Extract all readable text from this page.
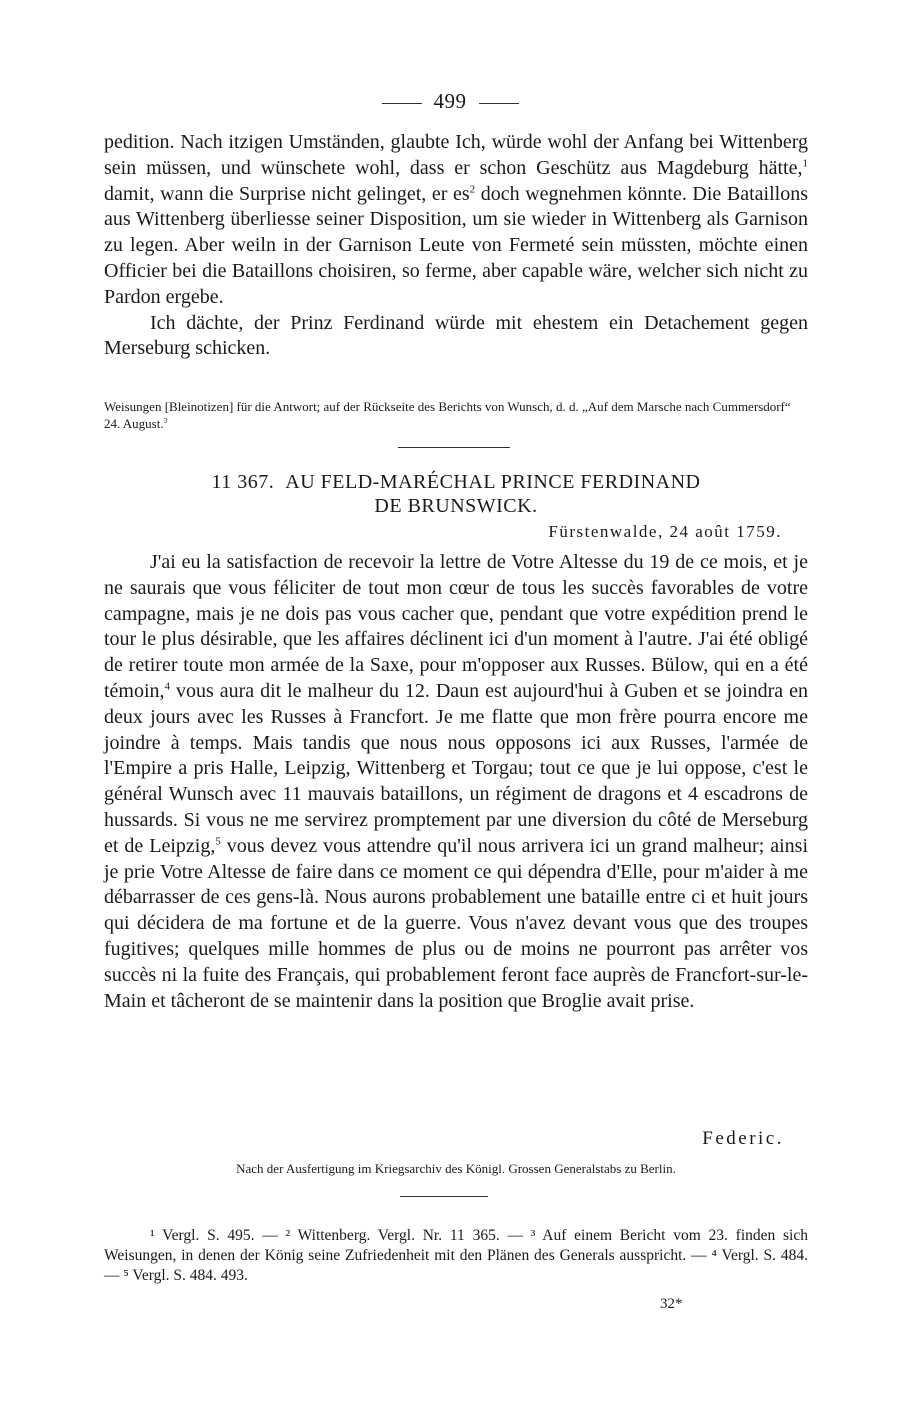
499

pedition. Nach itzigen Umständen, glaubte Ich, würde wohl der Anfang bei Wittenberg sein müssen, und wünschete wohl, dass er schon Geschütz aus Magdeburg hätte,$^1$ damit, wann die Surprise nicht gelinget, er $es^2$ doch wegnehmen könnte. Die Bataillons aus Wittenberg überliesse seiner Disposition, um sie wieder in Wittenberg als Garnison zu legen. Aber weiln in der Garnison Leute von Fermeté sein müssten, möchte einen Officier bei die Bataillons choisiren, so ferme, aber capable wäre, welcher sich nicht zu Pardon ergebe.

Ich dächte, der Prinz Ferdinand würde mit ehestem ein Detachement gegen Merseburg schicken.

Weisungen [Bleinotizen] für die Antwort; auf der Rückseite des Berichts von Wunsch, d. d. „Auf dem Marsche nach Cummersdorf“ 24. August.$^3$
11 367. AU FELD-MARÉCHAL PRINCE FERDINAND
DE BRUNSWICK.
Fürstenwalde, 24 août 1759.

J'ai eu la satisfaction de recevoir la lettre de Votre Altesse du 19 de ce mois, et je ne saurais que vous féliciter de tout mon cœur de tous les succès favorables de votre campagne, mais je ne dois pas vous cacher que, pendant que votre expédition prend le tour le plus désirable, que les affaires déclinent ici d'un moment à l'autre. J'ai été obligé de retirer toute mon armée de la Saxe, pour m'opposer aux Russes. Bülow, qui en a été témoin,$^4$ vous aura dit le malheur du 12. Daun est aujourd'hui à Guben et se joindra en deux jours avec les Russes à Francfort. Je me flatte que mon frère pourra encore me joindre à temps. Mais tandis que nous nous opposons ici aux Russes, l'armée de l'Empire a pris Halle, Leipzig, Wittenberg et Torgau; tout ce que je lui oppose, c'est le général Wunsch avec 11 mauvais bataillons, un régiment de dragons et 4 escadrons de hussards. Si vous ne me servirez promptement par une diversion du côté de Merseburg et de Leipzig,$^5$ vous devez vous attendre qu'il nous arrivera ici un grand malheur; ainsi je prie Votre Altesse de faire dans ce moment ce qui dépendra d'Elle, pour m'aider à me débarrasser de ces gens-là. Nous aurons probablement une bataille entre ci et huit jours qui décidera de ma fortune et de la guerre. Vous n'avez devant vous que des troupes fugitives; quelques mille hommes de plus ou de moins ne pourront pas arrêter vos succès ni la fuite des Français, qui probablement feront face auprès de Francfort-sur-le-Main et tâcheront de se maintenir dans la position que Broglie avait prise.

Federic.
Nach der Ausfertigung im Kriegsarchiv des Königl. Grossen Generalstabs zu Berlin.

¹ Vergl. S. 495. — ² Wittenberg. Vergl. Nr. 11 365. — ³ Auf einem Bericht vom 23. finden sich Weisungen, in denen der König seine Zufriedenheit mit den Plänen des Generals ausspricht. — ⁴ Vergl. S. 484. — ⁵ Vergl. S. 484. 493.

32*
